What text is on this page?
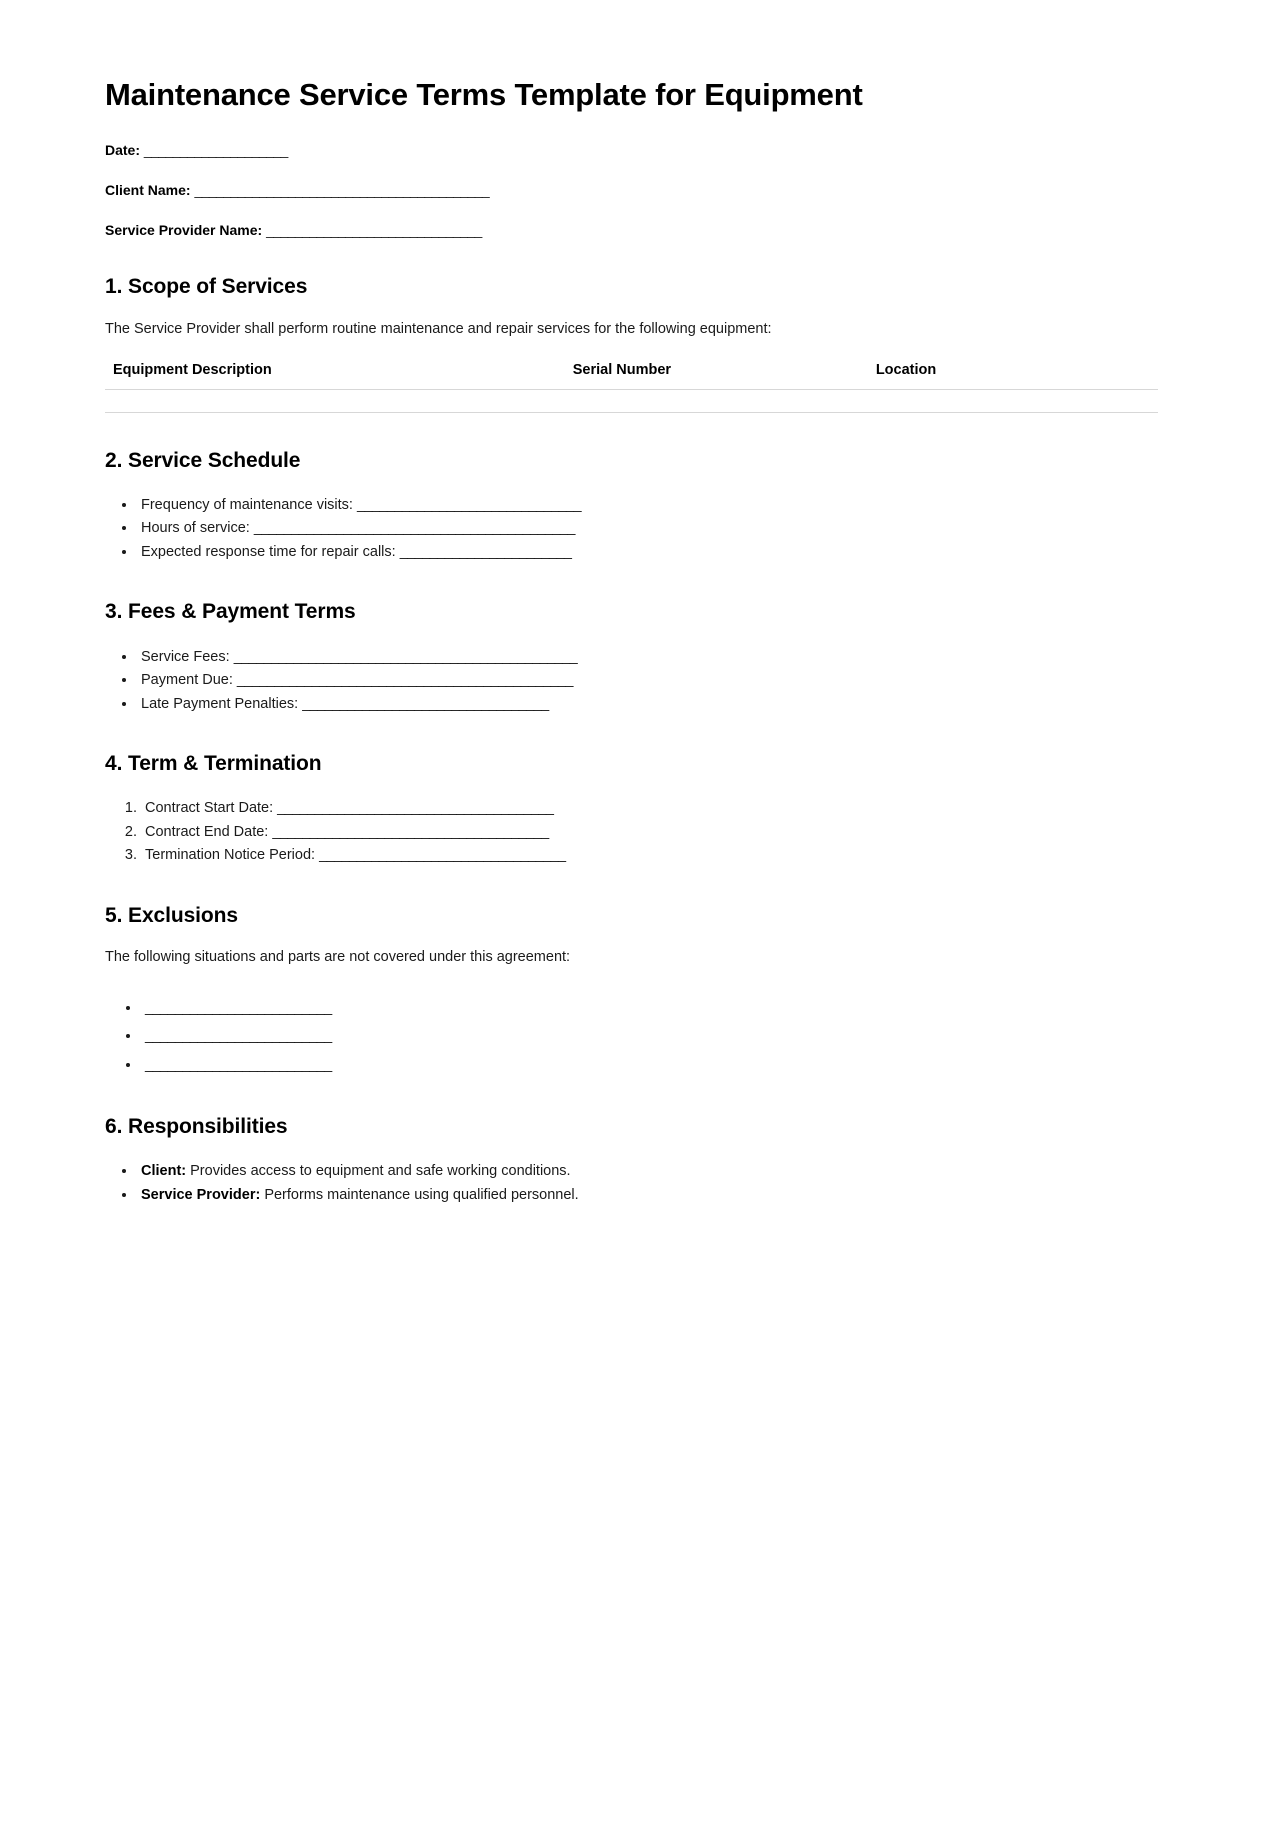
Maintenance Service Terms Template for Equipment
Date: ____________________
Client Name: _________________________________________
Service Provider Name: ______________________________
1. Scope of Services

The Service Provider shall perform routine maintenance and repair services for the following equipment:

Equipment Description	Serial Number	Location

2. Service Schedule
• Frequency of maintenance visits: ______________________________
• Hours of service: ___________________________________________
• Expected response time for repair calls: _______________________
3. Fees & Payment Terms
• Service Fees: ______________________________________________
• Payment Due: _____________________________________________
• Late Payment Penalties: _________________________________
4. Term & Termination
1. Contract Start Date: _____________________________________
2. Contract End Date: _____________________________________
3. Termination Notice Period: _________________________________
5. Exclusions

The following situations and parts are not covered under this agreement:

• _________________________
• _________________________
• _________________________
6. Responsibilities
• Client: Provides access to equipment and safe working conditions.
• Service Provider: Performs maintenance using qualified personnel.
